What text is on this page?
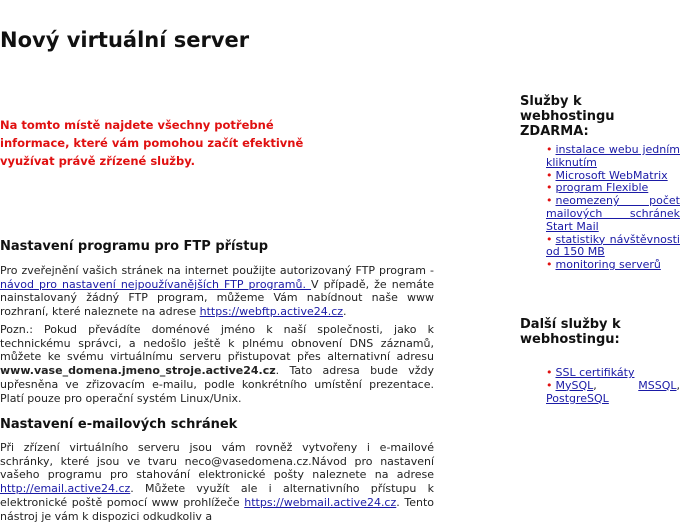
Nový virtuální server

Na tomto místě najdete všechny potřebné informace, které vám pomohou začít efektivně využívat právě zřízené služby.

Nastavení programu pro FTP přístup

Pro zveřejnění vašich stránek na internet použijte autorizovaný FTP program - návod pro nastavení nejpoužívanějších FTP programů. V případě, že nemáte nainstalovaný žádný FTP program, můžeme Vám nabídnout naše www rozhraní, které naleznete na adrese https://webftp.active24.cz.

Pozn.: Pokud převádíte doménové jméno k naší společnosti, jako k technickému správci, a nedošlo ještě k plnému obnovení DNS záznamů, můžete ke svému virtuálnímu serveru přistupovat přes alternativní adresu www.vase_domena.jmeno_stroje.active24.cz. Tato adresa bude vždy upřesněna ve zřizovacím e-mailu, podle konkrétního umístění prezentace. Platí pouze pro operační systém Linux/Unix.

Nastavení e-mailových schránek

Při zřízení virtuálního serveru jsou vám rovněž vytvořeny i e-mailové schránky, které jsou ve tvaru neco@vasedomena.cz.Návod pro nastavení vašeho programu pro stahování elektronické pošty naleznete na adrese http://email.active24.cz. Můžete využít ale i alternativního přístupu k elektronické poště pomocí www prohlížeče https://webmail.active24.cz. Tento nástroj je vám k dispozici odkudkoliv a

Služby k webhostingu ZDARMA:
• instalace webu jedním kliknutím
• Microsoft WebMatrix
• program Flexible
• neomezený počet mailových schránek Start Mail
• statistiky návštěvnosti od 150 MB
• monitoring serverů
Další služby k webhostingu:
• SSL certifikáty
• MySQL, MSSQL, PostgreSQL
